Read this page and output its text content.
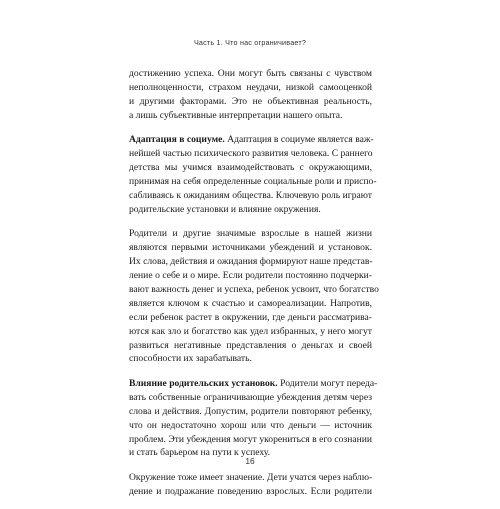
Часть 1. Что нас ограничивает?

достижению успеха. Они могут быть связаны с чувством
неполноценности, страхом неудачи, низкой самооценкой
и другими факторами. Это не объективная реальность,
а лишь субъективные интерпретации нашего опыта.

Адаптация в социуме. Адаптация в социуме является важ-
нейшей частью психического развития человека. С раннего
детства мы учимся взаимодействовать с окружающими,
принимая на себя определенные социальные роли и приспо-
сабливаясь к ожиданиям общества. Ключевую роль играют
родительские установки и влияние окружения.

Родители и другие значимые взрослые в нашей жизни
являются первыми источниками убеждений и установок.
Их слова, действия и ожидания формируют наше представ-
ление о себе и о мире. Если родители постоянно подчерки-
вают важность денег и успеха, ребенок усвоит, что богатство
является ключом к счастью и самореализации. Напротив,
если ребенок растет в окружении, где деньги рассматрива-
ются как зло и богатство как удел избранных, у него могут
развиться негативные представления о деньгах и своей
способности их зарабатывать.

Влияние родительских установок. Родители могут переда-
вать собственные ограничивающие убеждения детям через
слова и действия. Допустим, родители повторяют ребенку,
что он недостаточно хорош или что деньги — источник
проблем. Эти убеждения могут укорениться в его сознании
и стать барьером на пути к успеху.

Окружение тоже имеет значение. Дети учатся через наблю-
дение и подражание поведению взрослых. Если родители

16
